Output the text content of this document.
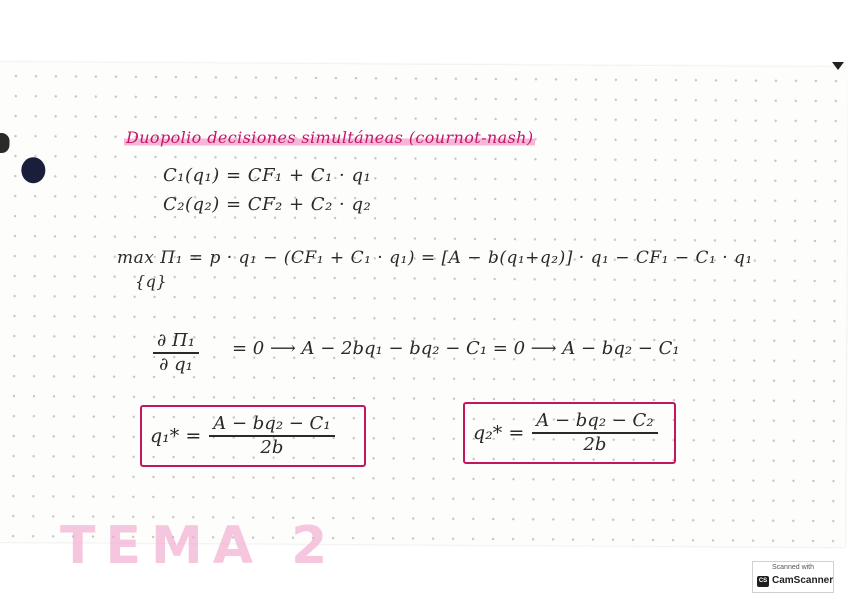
Duopolio decisiones simultáneas (cournot-nash)
C₁(q₁) = CF₁ + C₁ · q₁
C₂(q₂) = CF₂ + C₂ · q₂
max Π₁ = p · q₁ − (CF₁ + C₁ · q₁) = [A − b(q₁+q₂)] · q₁ − CF₁ − C₁ · q₁
{q}
∂ Π₁
∂ q₁
= 0 ⟶ A − 2bq₁ − bq₂ − C₁ = 0 ⟶ A − bq₂ − C₁
$q_1* = \frac{\text{A − bq₂ − C₁}}{2b}$	$q_2* = \frac{\text{A − bq₂ − C₂}}{2b}$
TEMA 2	Scanned with
CS CamScanner
